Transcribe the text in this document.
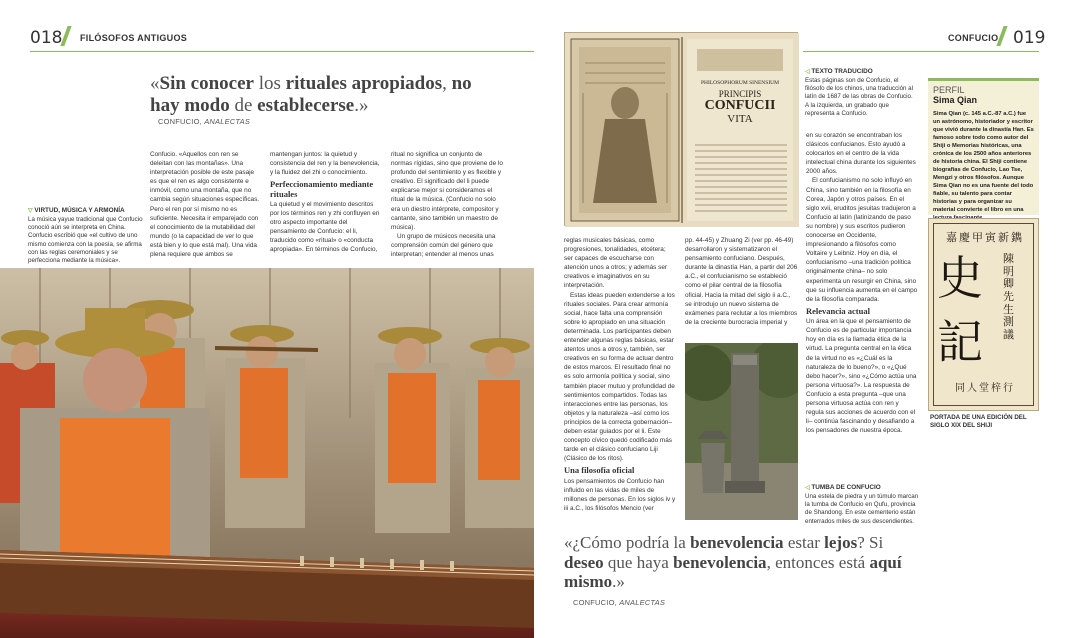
018 FILÓSOFOS ANTIGUOS	CONFUCIO 019
«Sin conocer los rituales apropiados, no hay modo de establecerse.»
CONFUCIO, ANALECTAS
▽ VIRTUD, MÚSICA Y ARMONÍA
La música yayue tradicional que Confucio conoció aún se interpreta en China. Confucio escribió que «el cultivo de uno mismo comienza con la poesía, se afirma con las reglas ceremoniales y se perfecciona mediante la música».

Confucio. «Aquellos con ren se deleitan con las montañas». Una interpretación posible de este pasaje es que el ren es algo consistente e inmóvil, como una montaña, que no cambia según situaciones específicas. Pero el ren por sí mismo no es suficiente. Necesita ir emparejado con el conocimiento de la mutabilidad del mundo (o la capacidad de ver lo que está bien y lo que está mal). Una vida plena requiere que ambos se

mantengan juntos: la quietud y consistencia del ren y la benevolencia, y la fluidez del zhi o conocimiento.

Perfeccionamiento mediante rituales

La quietud y el movimiento descritos por los términos ren y zhi confluyen en otro aspecto importante del pensamiento de Confucio: el li, traducido como «ritual» o «conducta apropiada». En términos de Confucio,

ritual no significa un conjunto de normas rígidas, sino que proviene de lo profundo del sentimiento y es flexible y creativo. El significado del li puede explicarse mejor si consideramos el ritual de la música. (Confucio no solo era un diestro intérprete, compositor y cantante, sino también un maestro de música).

Un grupo de músicos necesita una comprensión común del género que interpretan; entender al menos unas

PHILOSOPHORUM SINENSIUM
PRINCIPIS
CONFUCII
VITA
◁ TEXTO TRADUCIDO
Estas páginas son de Confucio, el filósofo de los chinos, una traducción al latín de 1687 de las obras de Confucio. A la izquierda, un grabado que representa a Confucio.
PERFIL
Sima Qian
Sima Qian (c. 145 a.C.-87 a.C.) fue un astrónomo, historiador y escritor que vivió durante la dinastía Han. Es famoso sobre todo como autor del Shiji o Memorias históricas, una crónica de los 2500 años anteriores de historia china. El Shiji contiene biografías de Confucio, Lao Tse, Mengzi y otros filósofos. Aunque Sima Qian no es una fuente del todo fiable, su talento para contar historias y para organizar su material convierte el libro en una
嘉慶甲寅新鐫
史
記
陳明卿先生測議
同人堂梓行
PORTADA DE UNA EDICIÓN DEL SIGLO XIX DEL SHIJI

reglas musicales básicas, como progresiones, tonalidades, etcétera; ser capaces de escucharse con atención unos a otros; y además ser creativos e imaginativos en su interpretación.

Estas ideas pueden extenderse a los rituales sociales. Para crear armonía social, hace falta una comprensión sobre lo apropiado en una situación determinada. Los participantes deben entender algunas reglas básicas, estar atentos unos a otros y, también, ser creativos en su forma de actuar dentro de estos marcos. El resultado final no es solo armonía política y social, sino también placer mutuo y profundidad de sentimientos compartidos. Todas las interacciones entre las personas, los objetos y la naturaleza –así como los principios de la correcta gobernación– deben estar guiados por el li. Este concepto cívico quedó codificado más tarde en el clásico confuciano Liji (Clásico de los ritos).

Una filosofía oficial

Los pensamientos de Confucio han influido en las vidas de miles de millones de personas. En los siglos iv y iii a.C., los filósofos Mencio (ver

pp. 44-45) y Zhuang Zi (ver pp. 46-49) desarrollaron y sistematizaron el pensamiento confuciano. Después, durante la dinastía Han, a partir del 206 a.C., el confucianismo se estableció como el pilar central de la filosofía oficial. Hacia la mitad del siglo ii a.C., se introdujo un nuevo sistema de exámenes para reclutar a los miembros de la creciente burocracia imperial y

en su corazón se encontraban los clásicos confucianos. Esto ayudó a colocarlos en el centro de la vida intelectual china durante los siguientes 2000 años.

El confucianismo no solo influyó en China, sino también en la filosofía en Corea, Japón y otros países. En el siglo xvii, eruditos jesuitas tradujeron a Confucio al latín (latinizando de paso su nombre) y sus escritos pudieron conocerse en Occidente, impresionando a filósofos como Voltaire y Leibniz. Hoy en día, el confucianismo –una tradición política originalmente china– no solo experimenta un resurgir en China, sino que su influencia aumenta en el campo de la filosofía comparada.

Relevancia actual

Un área en la que el pensamiento de Confucio es de particular importancia hoy en día es la llamada ética de la virtud. La pregunta central en la ética de la virtud no es «¿Cuál es la naturaleza de lo bueno?», o «¿Qué debo hacer?», sino «¿Cómo actúa una persona virtuosa?». La respuesta de Confucio a esta pregunta –que una persona virtuosa actúa con ren y regula sus acciones de acuerdo con el li– continúa fascinando y desafiando a los pensadores de nuestra época.

◁ TUMBA DE CONFUCIO
Una estela de piedra y un túmulo marcan la tumba de Confucio en Qufu, provincia de Shandong. En este cementerio están enterrados miles de sus descendientes.
«¿Cómo podría la benevolencia estar lejos? Si deseo que haya benevolencia, entonces está aquí mismo.»
CONFUCIO, ANALECTAS
